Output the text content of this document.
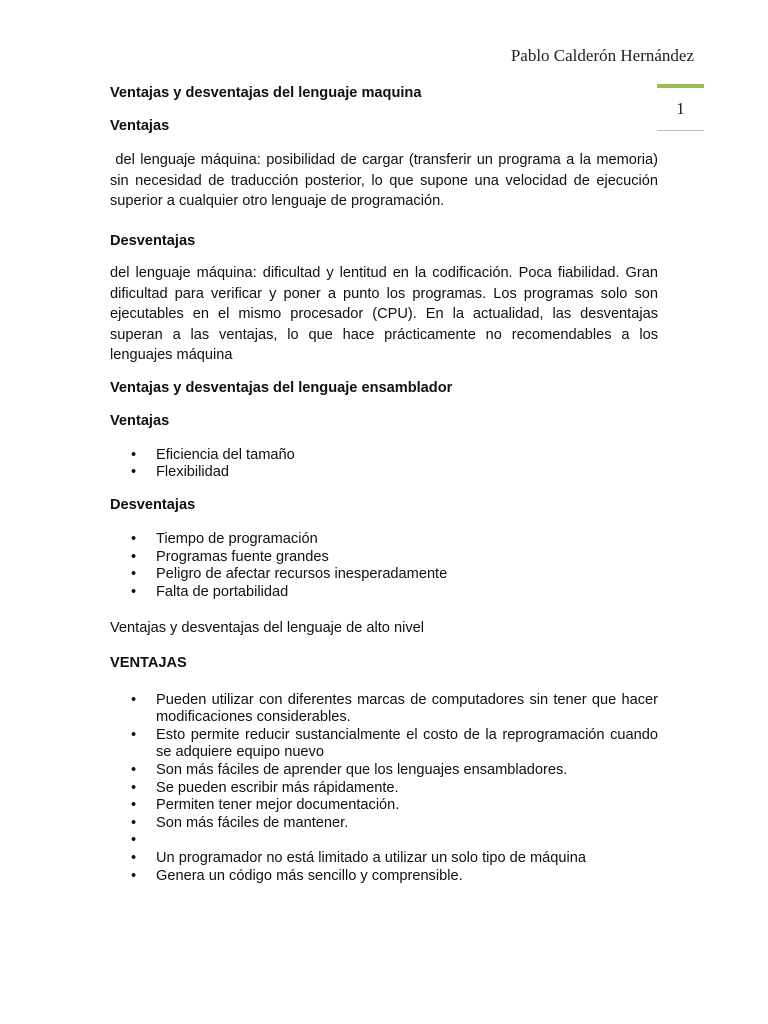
Pablo Calderón Hernández
1

Ventajas y desventajas del lenguaje maquina

Ventajas

del lenguaje máquina: posibilidad de cargar (transferir un programa a la memoria) sin necesidad de traducción posterior, lo que supone una velocidad de ejecución superior a cualquier otro lenguaje de programación.

Desventajas

del lenguaje máquina: dificultad y lentitud en la codificación. Poca fiabilidad. Gran dificultad para verificar y poner a punto los programas. Los programas solo son ejecutables en el mismo procesador (CPU). En la actualidad, las desventajas superan a las ventajas, lo que hace prácticamente no recomendables a los lenguajes máquina

Ventajas y desventajas del lenguaje ensamblador

Ventajas

• Eficiencia del tamaño
• Flexibilidad

Desventajas

• Tiempo de programación
• Programas fuente grandes
• Peligro de afectar recursos inesperadamente
• Falta de portabilidad

Ventajas y desventajas del lenguaje de alto nivel

VENTAJAS

• Pueden utilizar con diferentes marcas de computadores sin tener que hacer modificaciones considerables.
• Esto permite reducir sustancialmente el costo de la reprogramación cuando se adquiere equipo nuevo
• Son más fáciles de aprender que los lenguajes ensambladores.
• Se pueden escribir más rápidamente.
• Permiten tener mejor documentación.
• Son más fáciles de mantener.
•
• Un programador no está limitado a utilizar un solo tipo de máquina
• Genera un código más sencillo y comprensible.
